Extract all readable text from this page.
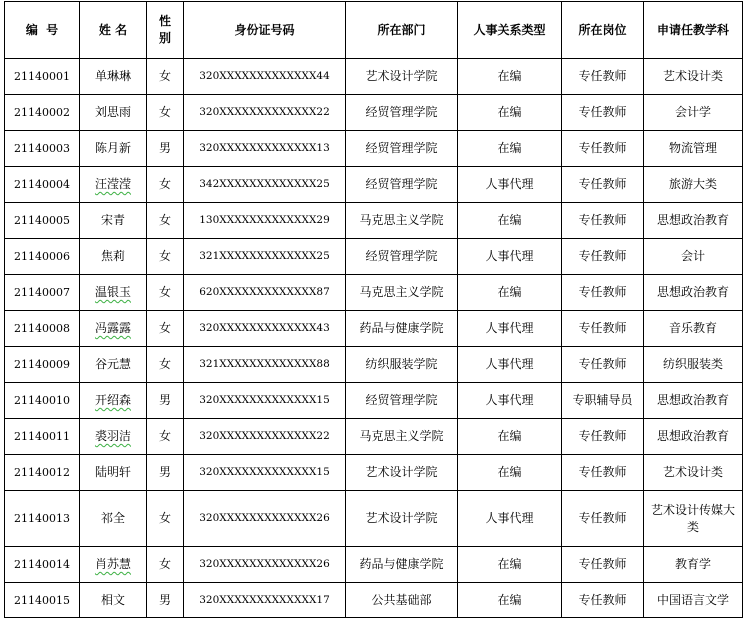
编  号	姓 名	性别	身份证号码	所在部门	人事关系类型	所在岗位	申请任教学科
21140001	单琳琳	女	320XXXXXXXXXXXXX44	艺术设计学院	在编	专任教师	艺术设计类
21140002	刘思雨	女	320XXXXXXXXXXXXX22	经贸管理学院	在编	专任教师	会计学
21140003	陈月新	男	320XXXXXXXXXXXXX13	经贸管理学院	在编	专任教师	物流管理
21140004	汪滢滢	女	342XXXXXXXXXXXXX25	经贸管理学院	人事代理	专任教师	旅游大类
21140005	宋青	女	130XXXXXXXXXXXXX29	马克思主义学院	在编	专任教师	思想政治教育
21140006	焦莉	女	321XXXXXXXXXXXXX25	经贸管理学院	人事代理	专任教师	会计
21140007	温银玉	女	620XXXXXXXXXXXXX87	马克思主义学院	在编	专任教师	思想政治教育
21140008	冯露露	女	320XXXXXXXXXXXXX43	药品与健康学院	人事代理	专任教师	音乐教育
21140009	谷元慧	女	321XXXXXXXXXXXXX88	纺织服装学院	人事代理	专任教师	纺织服装类
21140010	开绍森	男	320XXXXXXXXXXXXX15	经贸管理学院	人事代理	专职辅导员	思想政治教育
21140011	裘羽洁	女	320XXXXXXXXXXXXX22	马克思主义学院	在编	专任教师	思想政治教育
21140012	陆明轩	男	320XXXXXXXXXXXXX15	艺术设计学院	在编	专任教师	艺术设计类
21140013	祁全	女	320XXXXXXXXXXXXX26	艺术设计学院	人事代理	专任教师	艺术设计传媒大类
21140014	肖苏慧	女	320XXXXXXXXXXXXX26	药品与健康学院	在编	专任教师	教育学
21140015	相文	男	320XXXXXXXXXXXXX17	公共基础部	在编	专任教师	中国语言文学
